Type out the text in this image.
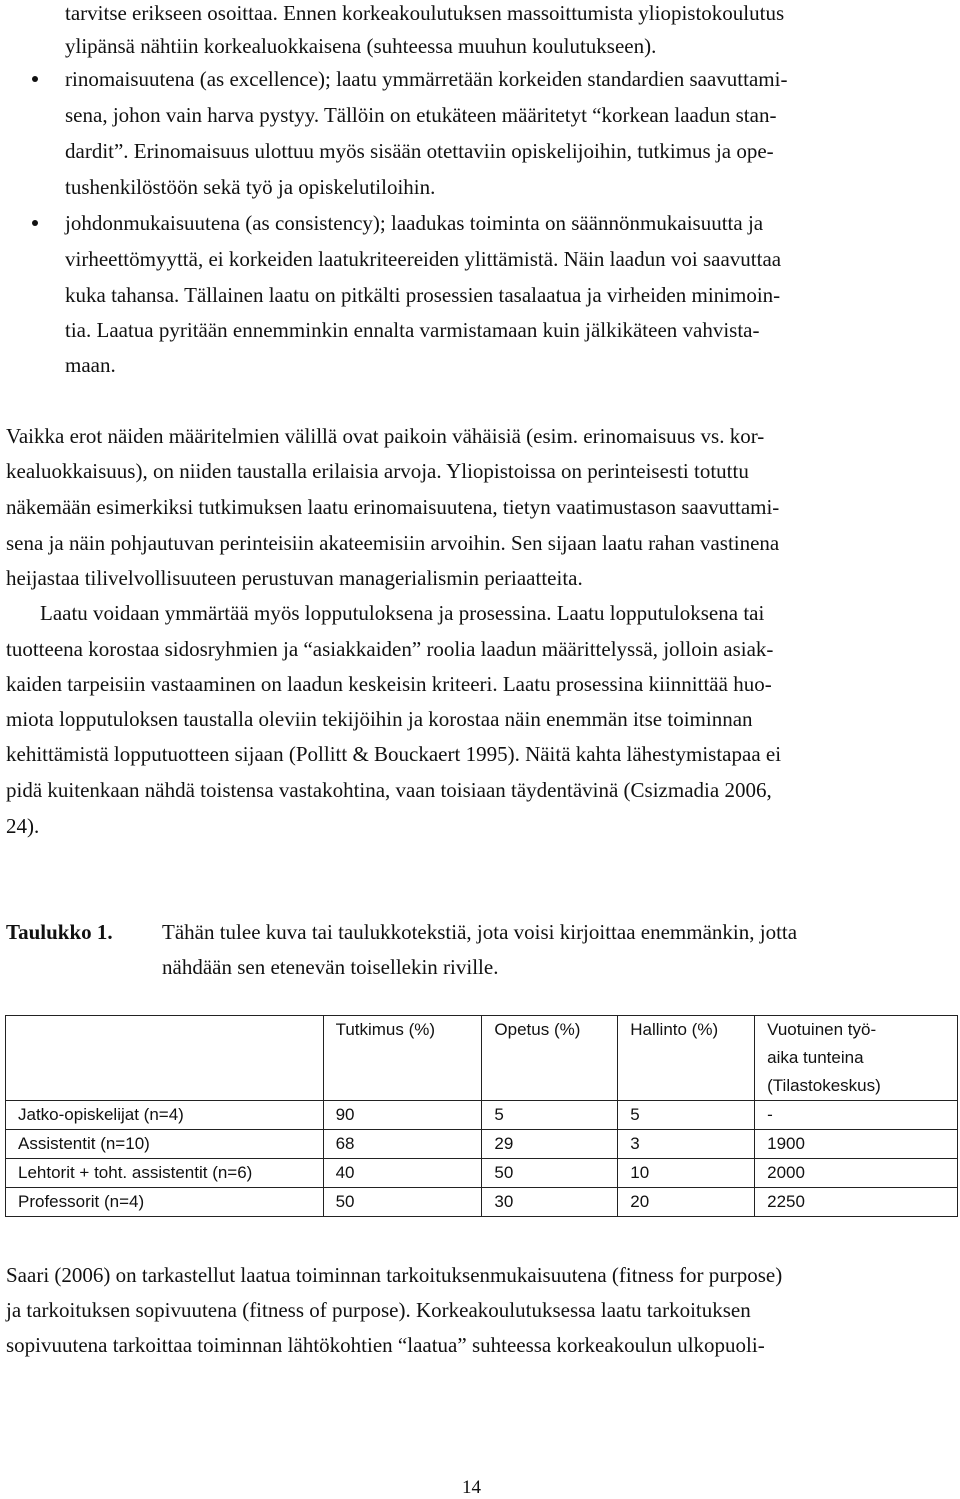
tarvitse erikseen osoittaa. Ennen korkeakoulutuksen massoittumista yliopistokoulutus
ylipänsä nähtiin korkealuokkaisena (suhteessa muuhun koulutukseen).
rinomaisuutena (as excellence); laatu ymmärretään korkeiden standardien saavuttami-
sena, johon vain harva pystyy. Tällöin on etukäteen määritetyt “korkean laadun stan-
dardit”. Erinomaisuus ulottuu myös sisään otettaviin opiskelijoihin, tutkimus ja ope-
tushenkilöstöön sekä työ ja opiskelutiloihin.
johdonmukaisuutena (as consistency); laadukas toiminta on säännönmukaisuutta ja
virheettömyyttä, ei korkeiden laatukriteereiden ylittämistä. Näin laadun voi saavuttaa
kuka tahansa. Tällainen laatu on pitkälti prosessien tasalaatua ja virheiden minimoin-
tia. Laatua pyritään ennemminkin ennalta varmistamaan kuin jälkikäteen vahvista-
maan.
Vaikka erot näiden määritelmien välillä ovat paikoin vähäisiä (esim. erinomaisuus vs. kor-
kealuokkaisuus), on niiden taustalla erilaisia arvoja. Yliopistoissa on perinteisesti totuttu
näkemään esimerkiksi tutkimuksen laatu erinomaisuutena, tietyn vaatimustason saavuttami-
sena ja näin pohjautuvan perinteisiin akateemisiin arvoihin. Sen sijaan laatu rahan vastinena
heijastaa tilivelvollisuuteen perustuvan managerialismin periaatteita.
Laatu voidaan ymmärtää myös lopputuloksena ja prosessina. Laatu lopputuloksena tai
tuotteena korostaa sidosryhmien ja “asiakkaiden” roolia laadun määrittelyssä, jolloin asiak-
kaiden tarpeisiin vastaaminen on laadun keskeisin kriteeri. Laatu prosessina kiinnittää huo-
miota lopputuloksen taustalla oleviin tekijöihin ja korostaa näin enemmän itse toiminnan
kehittämistä lopputuotteen sijaan (Pollitt & Bouckaert 1995). Näitä kahta lähestymistapaa ei
pidä kuitenkaan nähdä toistensa vastakohtina, vaan toisiaan täydentävinä (Csizmadia 2006,
24).
Taulukko 1. Tähän tulee kuva tai taulukkotekstiä, jota voisi kirjoittaa enemmänkin, jotta
nähdään sen etenevän toisellekin riville.
	Tutkimus (%)	Opetus (%)	Hallinto (%)	Vuotuinen työ-
aika tunteina
(Tilastokeskus)

Jatko-opiskelijat (n=4)	90	5	5	-
Assistentit (n=10)	68	29	3	1900
Lehtorit + toht. assistentit (n=6)	40	50	10	2000
Professorit (n=4)	50	30	20	2250
Saari (2006) on tarkastellut laatua toiminnan tarkoituksenmukaisuutena (fitness for purpose)
ja tarkoituksen sopivuutena (fitness of purpose). Korkeakoulutuksessa laatu tarkoituksen
sopivuutena tarkoittaa toiminnan lähtökohtien “laatua” suhteessa korkeakoulun ulkopuoli-
14
